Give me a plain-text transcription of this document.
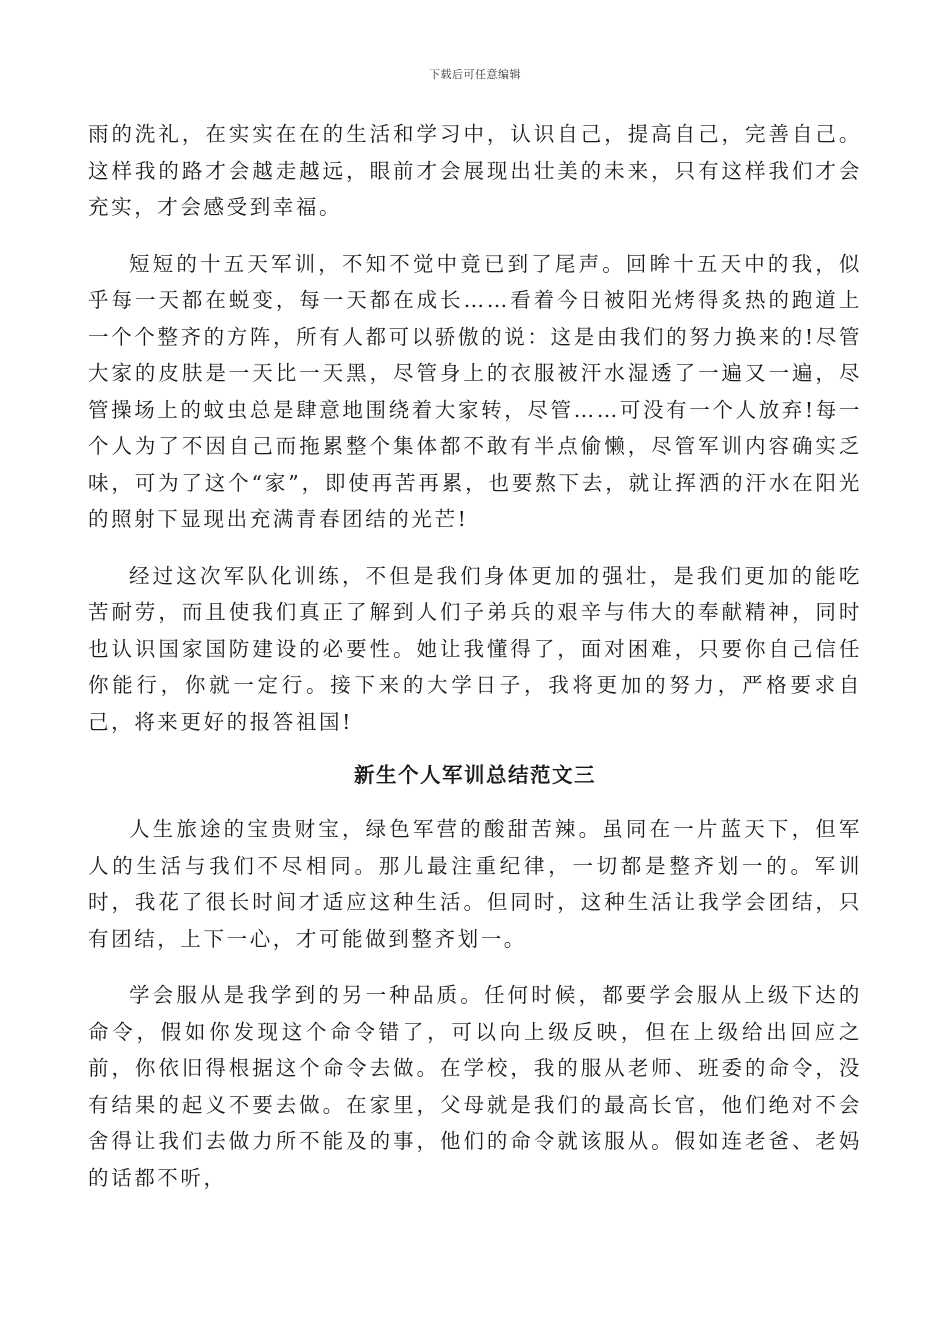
下载后可任意编辑

雨的洗礼，在实实在在的生活和学习中，认识自己，提高自己，完善自己。这样我的路才会越走越远，眼前才会展现出壮美的未来，只有这样我们才会充实，才会感受到幸福。

短短的十五天军训，不知不觉中竟已到了尾声。回眸十五天中的我，似乎每一天都在蜕变，每一天都在成长……看着今日被阳光烤得炙热的跑道上一个个整齐的方阵，所有人都可以骄傲的说：这是由我们的努力换来的!尽管大家的皮肤是一天比一天黑，尽管身上的衣服被汗水湿透了一遍又一遍，尽管操场上的蚊虫总是肆意地围绕着大家转，尽管……可没有一个人放弃!每一个人为了不因自己而拖累整个集体都不敢有半点偷懒，尽管军训内容确实乏味，可为了这个“家”，即使再苦再累，也要熬下去，就让挥洒的汗水在阳光的照射下显现出充满青春团结的光芒!

经过这次军队化训练，不但是我们身体更加的强壮，是我们更加的能吃苦耐劳，而且使我们真正了解到人们子弟兵的艰辛与伟大的奉献精神，同时也认识国家国防建设的必要性。她让我懂得了，面对困难，只要你自己信任你能行，你就一定行。接下来的大学日子，我将更加的努力，严格要求自己，将来更好的报答祖国!

新生个人军训总结范文三

人生旅途的宝贵财宝，绿色军营的酸甜苦辣。虽同在一片蓝天下，但军人的生活与我们不尽相同。那儿最注重纪律，一切都是整齐划一的。军训时，我花了很长时间才适应这种生活。但同时，这种生活让我学会团结，只有团结，上下一心，才可能做到整齐划一。

学会服从是我学到的另一种品质。任何时候，都要学会服从上级下达的命令，假如你发现这个命令错了，可以向上级反映，但在上级给出回应之前，你依旧得根据这个命令去做。在学校，我的服从老师、班委的命令，没有结果的起义不要去做。在家里，父母就是我们的最高长官，他们绝对不会舍得让我们去做力所不能及的事，他们的命令就该服从。假如连老爸、老妈的话都不听，
